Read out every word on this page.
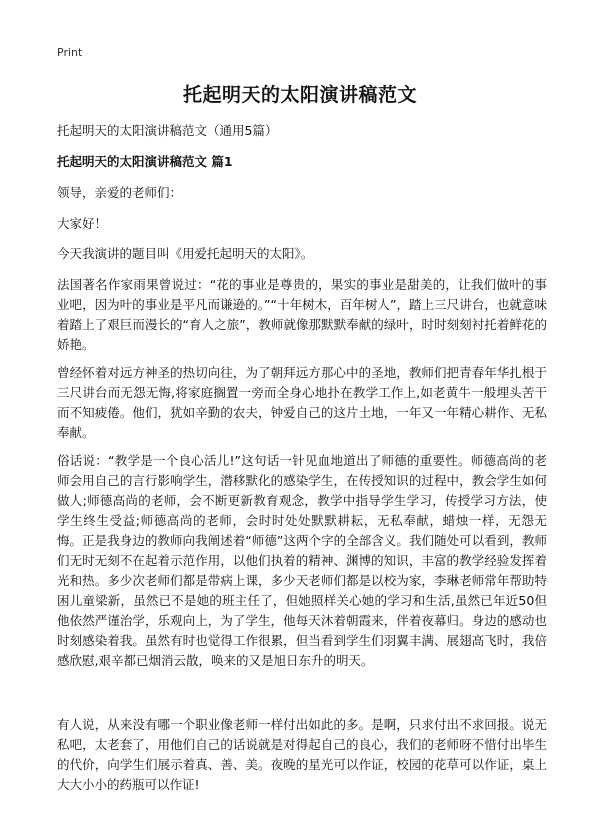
Print
托起明天的太阳演讲稿范文
托起明天的太阳演讲稿范文（通用5篇）
托起明天的太阳演讲稿范文 篇1
领导，亲爱的老师们：
大家好！
今天我演讲的题目叫《用爱托起明天的太阳》。

法国著名作家雨果曾说过：“花的事业是尊贵的，果实的事业是甜美的，让我们做叶的事业吧，因为叶的事业是平凡而谦逊的。”“十年树木，百年树人”，踏上三尺讲台，也就意味着踏上了艰巨而漫长的“育人之旅”，教师就像那默默奉献的绿叶，时时刻刻衬托着鲜花的娇艳。

曾经怀着对远方神圣的热切向往，为了朝拜远方那心中的圣地，教师们把青春年华扎根于三尺讲台而无怨无悔,将家庭搁置一旁而全身心地扑在教学工作上,如老黄牛一般埋头苦干而不知疲倦。他们，犹如辛勤的农夫，钟爱自己的这片土地，一年又一年精心耕作、无私奉献。

俗话说：“教学是一个良心活儿!”这句话一针见血地道出了师德的重要性。师德高尚的老师会用自己的言行影响学生，潜移默化的感染学生，在传授知识的过程中，教会学生如何做人;师德高尚的老师，会不断更新教育观念，教学中指导学生学习，传授学习方法，使学生终生受益;师德高尚的老师，会时时处处默默耕耘，无私奉献，蜡烛一样，无怨无悔。正是我身边的教师向我阐述着“师德”这两个字的全部含义。我们随处可以看到，教师们无时无刻不在起着示范作用，以他们执着的精神、渊博的知识，丰富的教学经验发挥着光和热。多少次老师们都是带病上课，多少天老师们都是以校为家，李琳老师常年帮助特困儿童梁新，虽然已不是她的班主任了，但她照样关心她的学习和生活,虽然已年近50但他依然严谨治学，乐观向上，为了学生，他每天沐着朝霞来，伴着夜幕归。身边的感动也时刻感染着我。虽然有时也觉得工作很累，但当看到学生们羽翼丰满、展翅高飞时，我倍感欣慰,艰辛都已烟消云散，唤来的又是旭日东升的明天。

有人说，从来没有哪一个职业像老师一样付出如此的多。是啊，只求付出不求回报。说无私吧，太老套了，用他们自己的话说就是对得起自己的良心，我们的老师呀不惜付出毕生的代价，向学生们展示着真、善、美。夜晚的星光可以作证，校园的花草可以作证，桌上大大小小的药瓶可以作证!
